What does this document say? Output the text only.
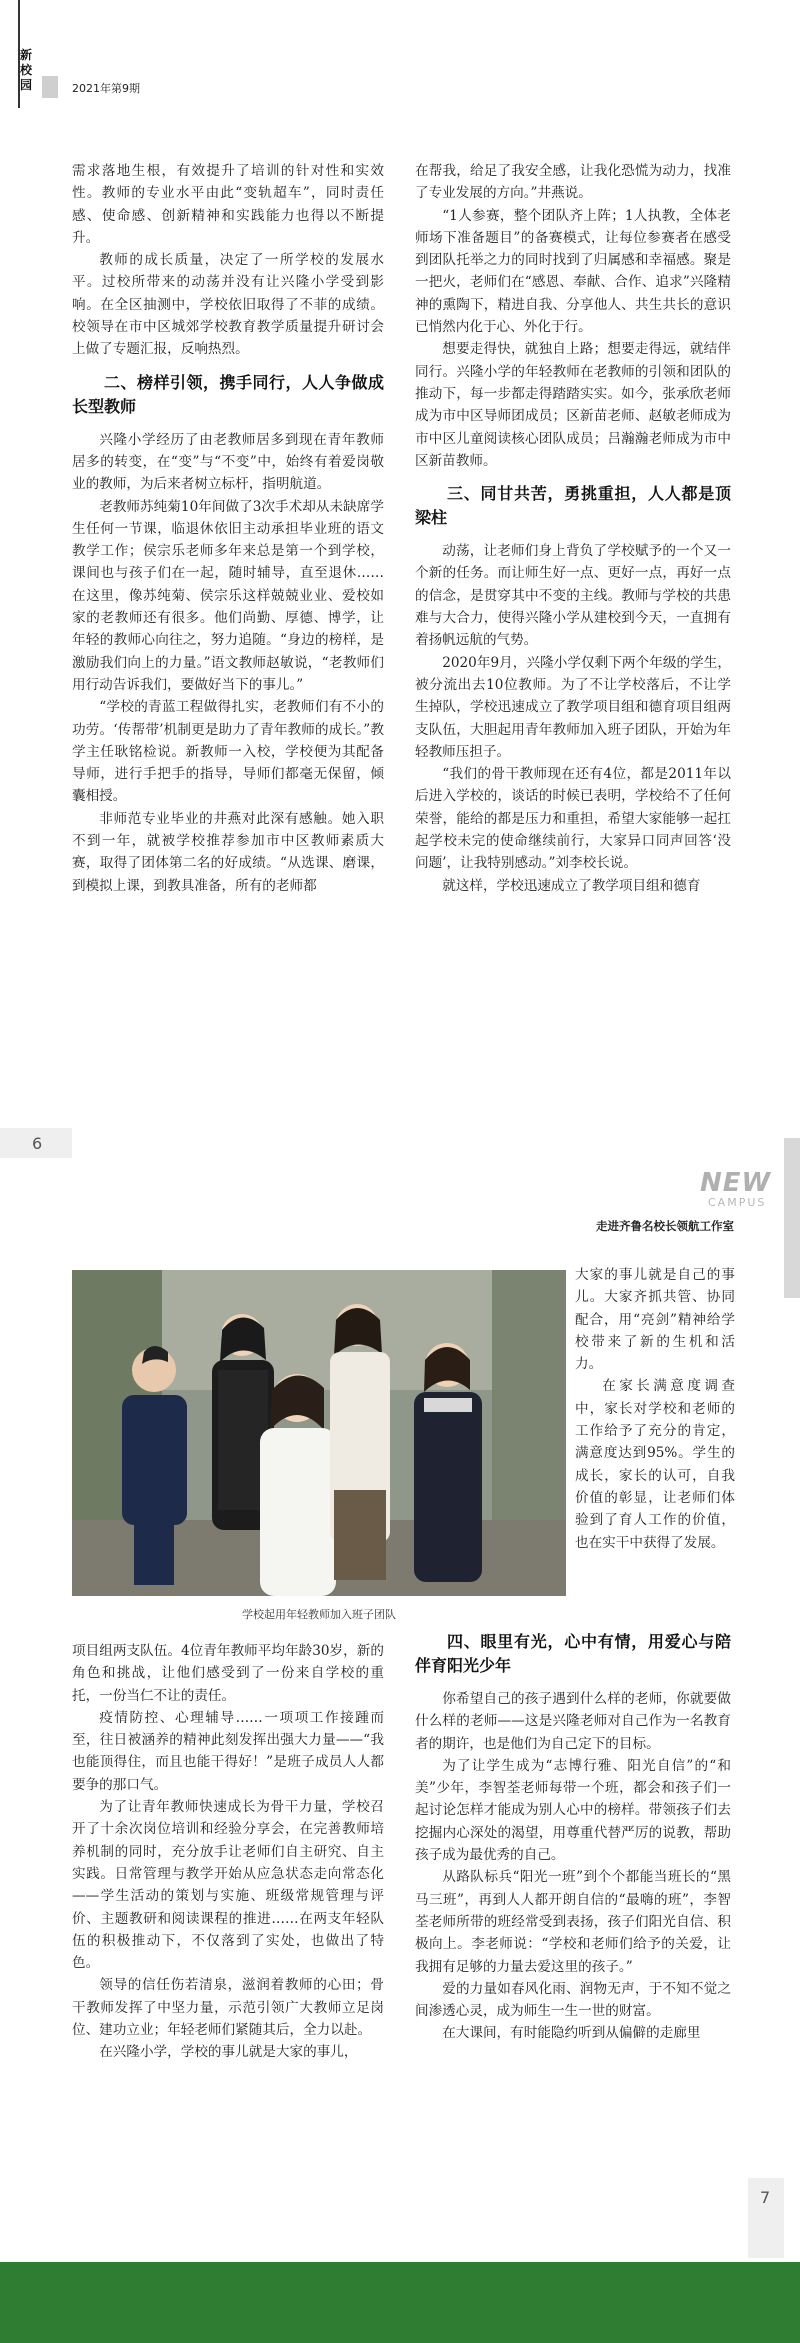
新
校
园	2021年第9期

需求落地生根，有效提升了培训的针对性和实效性。教师的专业水平由此“变轨超车”，同时责任感、使命感、创新精神和实践能力也得以不断提升。

教师的成长质量，决定了一所学校的发展水平。过校所带来的动荡并没有让兴隆小学受到影响。在全区抽测中，学校依旧取得了不菲的成绩。校领导在市中区城郊学校教育教学质量提升研讨会上做了专题汇报，反响热烈。

二、榜样引领，携手同行，人人争做成长型教师

兴隆小学经历了由老教师居多到现在青年教师居多的转变，在“变”与“不变”中，始终有着爱岗敬业的教师，为后来者树立标杆，指明航道。

老教师苏纯菊10年间做了3次手术却从未缺席学生任何一节课，临退休依旧主动承担毕业班的语文教学工作；侯宗乐老师多年来总是第一个到学校，课间也与孩子们在一起，随时辅导，直至退休……在这里，像苏纯菊、侯宗乐这样兢兢业业、爱校如家的老教师还有很多。他们尚勤、厚德、博学，让年轻的教师心向往之，努力追随。“身边的榜样，是激励我们向上的力量。”语文教师赵敏说，“老教师们用行动告诉我们，要做好当下的事儿。”

“学校的青蓝工程做得扎实，老教师们有不小的功劳。‘传帮带’机制更是助力了青年教师的成长。”教学主任耿铭检说。新教师一入校，学校便为其配备导师，进行手把手的指导，导师们都毫无保留，倾囊相授。

非师范专业毕业的井燕对此深有感触。她入职不到一年，就被学校推荐参加市中区教师素质大赛，取得了团体第二名的好成绩。“从选课、磨课，到模拟上课，到教具准备，所有的老师都

在帮我，给足了我安全感，让我化恐慌为动力，找准了专业发展的方向。”井燕说。

“1人参赛，整个团队齐上阵；1人执教，全体老师场下准备题目”的备赛模式，让每位参赛者在感受到团队托举之力的同时找到了归属感和幸福感。聚是一把火，老师们在“感恩、奉献、合作、追求”兴隆精神的熏陶下，精进自我、分享他人、共生共长的意识已悄然内化于心、外化于行。

想要走得快，就独自上路；想要走得远，就结伴同行。兴隆小学的年轻教师在老教师的引领和团队的推动下，每一步都走得踏踏实实。如今，张承欣老师成为市中区导师团成员；区新苗老师、赵敏老师成为市中区儿童阅读核心团队成员；吕瀚瀚老师成为市中区新苗教师。

三、同甘共苦，勇挑重担，人人都是顶梁柱

动荡，让老师们身上背负了学校赋予的一个又一个新的任务。而让师生好一点、更好一点，再好一点的信念，是贯穿其中不变的主线。教师与学校的共患难与大合力，使得兴隆小学从建校到今天，一直拥有着扬帆远航的气势。

2020年9月，兴隆小学仅剩下两个年级的学生，被分流出去10位教师。为了不让学校落后，不让学生掉队，学校迅速成立了教学项目组和德育项目组两支队伍，大胆起用青年教师加入班子团队，开始为年轻教师压担子。

“我们的骨干教师现在还有4位，都是2011年以后进入学校的，谈话的时候已表明，学校给不了任何荣誉，能给的都是压力和重担，希望大家能够一起扛起学校未完的使命继续前行，大家异口同声回答‘没问题’，让我特别感动。”刘李校长说。

就这样，学校迅速成立了教学项目组和德育

6
NEW
CAMPUS
走进齐鲁名校长领航工作室
学校起用年轻教师加入班子团队

大家的事儿就是自己的事儿。大家齐抓共管、协同配合，用“亮剑”精神给学校带来了新的生机和活力。

在家长满意度调查中，家长对学校和老师的工作给予了充分的肯定，满意度达到95%。学生的成长，家长的认可，自我价值的彰显，让老师们体验到了育人工作的价值，也在实干中获得了发展。

项目组两支队伍。4位青年教师平均年龄30岁，新的角色和挑战，让他们感受到了一份来自学校的重托，一份当仁不让的责任。

疫情防控、心理辅导……一项项工作接踵而至，往日被涵养的精神此刻发挥出强大力量——“我也能顶得住，而且也能干得好！”是班子成员人人都要争的那口气。

为了让青年教师快速成长为骨干力量，学校召开了十余次岗位培训和经验分享会，在完善教师培养机制的同时，充分放手让老师们自主研究、自主实践。日常管理与教学开始从应急状态走向常态化——学生活动的策划与实施、班级常规管理与评价、主题教研和阅读课程的推进……在两支年轻队伍的积极推动下，不仅落到了实处，也做出了特色。

领导的信任伤若清泉，滋润着教师的心田；骨干教师发挥了中坚力量，示范引领广大教师立足岗位、建功立业；年轻老师们紧随其后，全力以赴。

在兴隆小学，学校的事儿就是大家的事儿，

四、眼里有光，心中有情，用爱心与陪伴育阳光少年

你希望自己的孩子遇到什么样的老师，你就要做什么样的老师——这是兴隆老师对自己作为一名教育者的期许，也是他们为自己定下的目标。

为了让学生成为“志博行雅、阳光自信”的“和美”少年，李智荃老师每带一个班，都会和孩子们一起讨论怎样才能成为别人心中的榜样。带领孩子们去挖掘内心深处的渴望，用尊重代替严厉的说教，帮助孩子成为最优秀的自己。

从路队标兵“阳光一班”到个个都能当班长的“黑马三班”，再到人人都开朗自信的“最嗨的班”，李智荃老师所带的班经常受到表扬，孩子们阳光自信、积极向上。李老师说：“学校和老师们给予的关爱，让我拥有足够的力量去爱这里的孩子。”

爱的力量如春风化雨、润物无声，于不知不觉之间渗透心灵，成为师生一生一世的财富。

在大课间，有时能隐约听到从偏僻的走廊里

7
